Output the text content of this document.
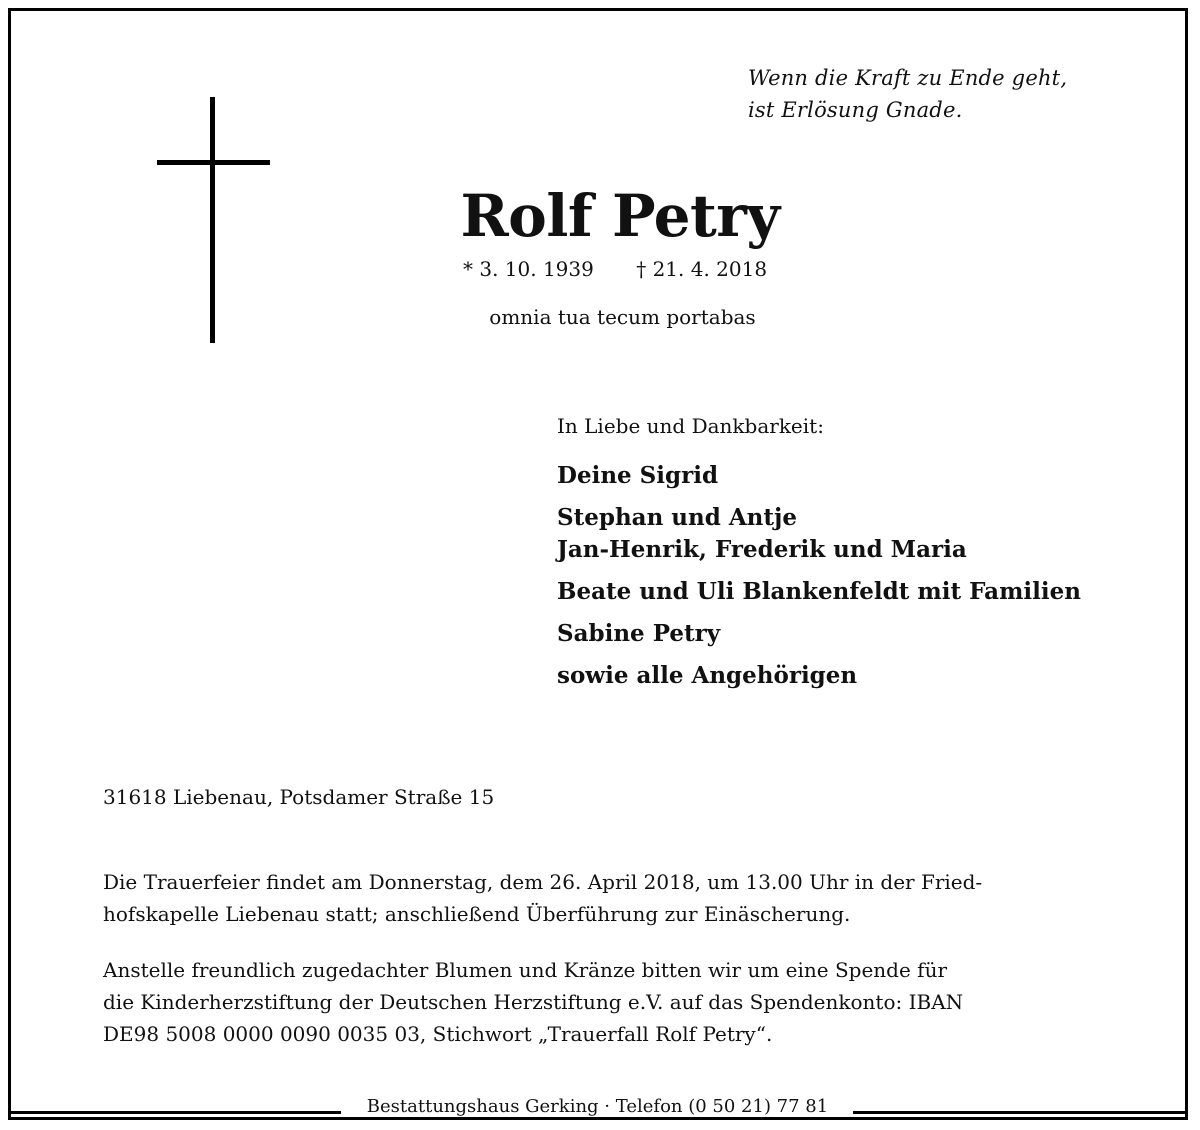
Wenn die Kraft zu Ende geht,
ist Erlösung Gnade.
Rolf Petry
* 3. 10. 1939 † 21. 4. 2018
omnia tua tecum portabas
In Liebe und Dankbarkeit:
Deine Sigrid
Stephan und Antje
Jan-Henrik, Frederik und Maria
Beate und Uli Blankenfeldt mit Familien
Sabine Petry
sowie alle Angehörigen
31618 Liebenau, Potsdamer Straße 15
Die Trauerfeier findet am Donnerstag, dem 26. April 2018, um 13.00 Uhr in der Fried-
hofskapelle Liebenau statt; anschließend Überführung zur Einäscherung.
Anstelle freundlich zugedachter Blumen und Kränze bitten wir um eine Spende für
die Kinderherzstiftung der Deutschen Herzstiftung e.V. auf das Spendenkonto: IBAN
DE98 5008 0000 0090 0035 03, Stichwort „Trauerfall Rolf Petry“.
Bestattungshaus Gerking · Telefon (0 50 21) 77 81
